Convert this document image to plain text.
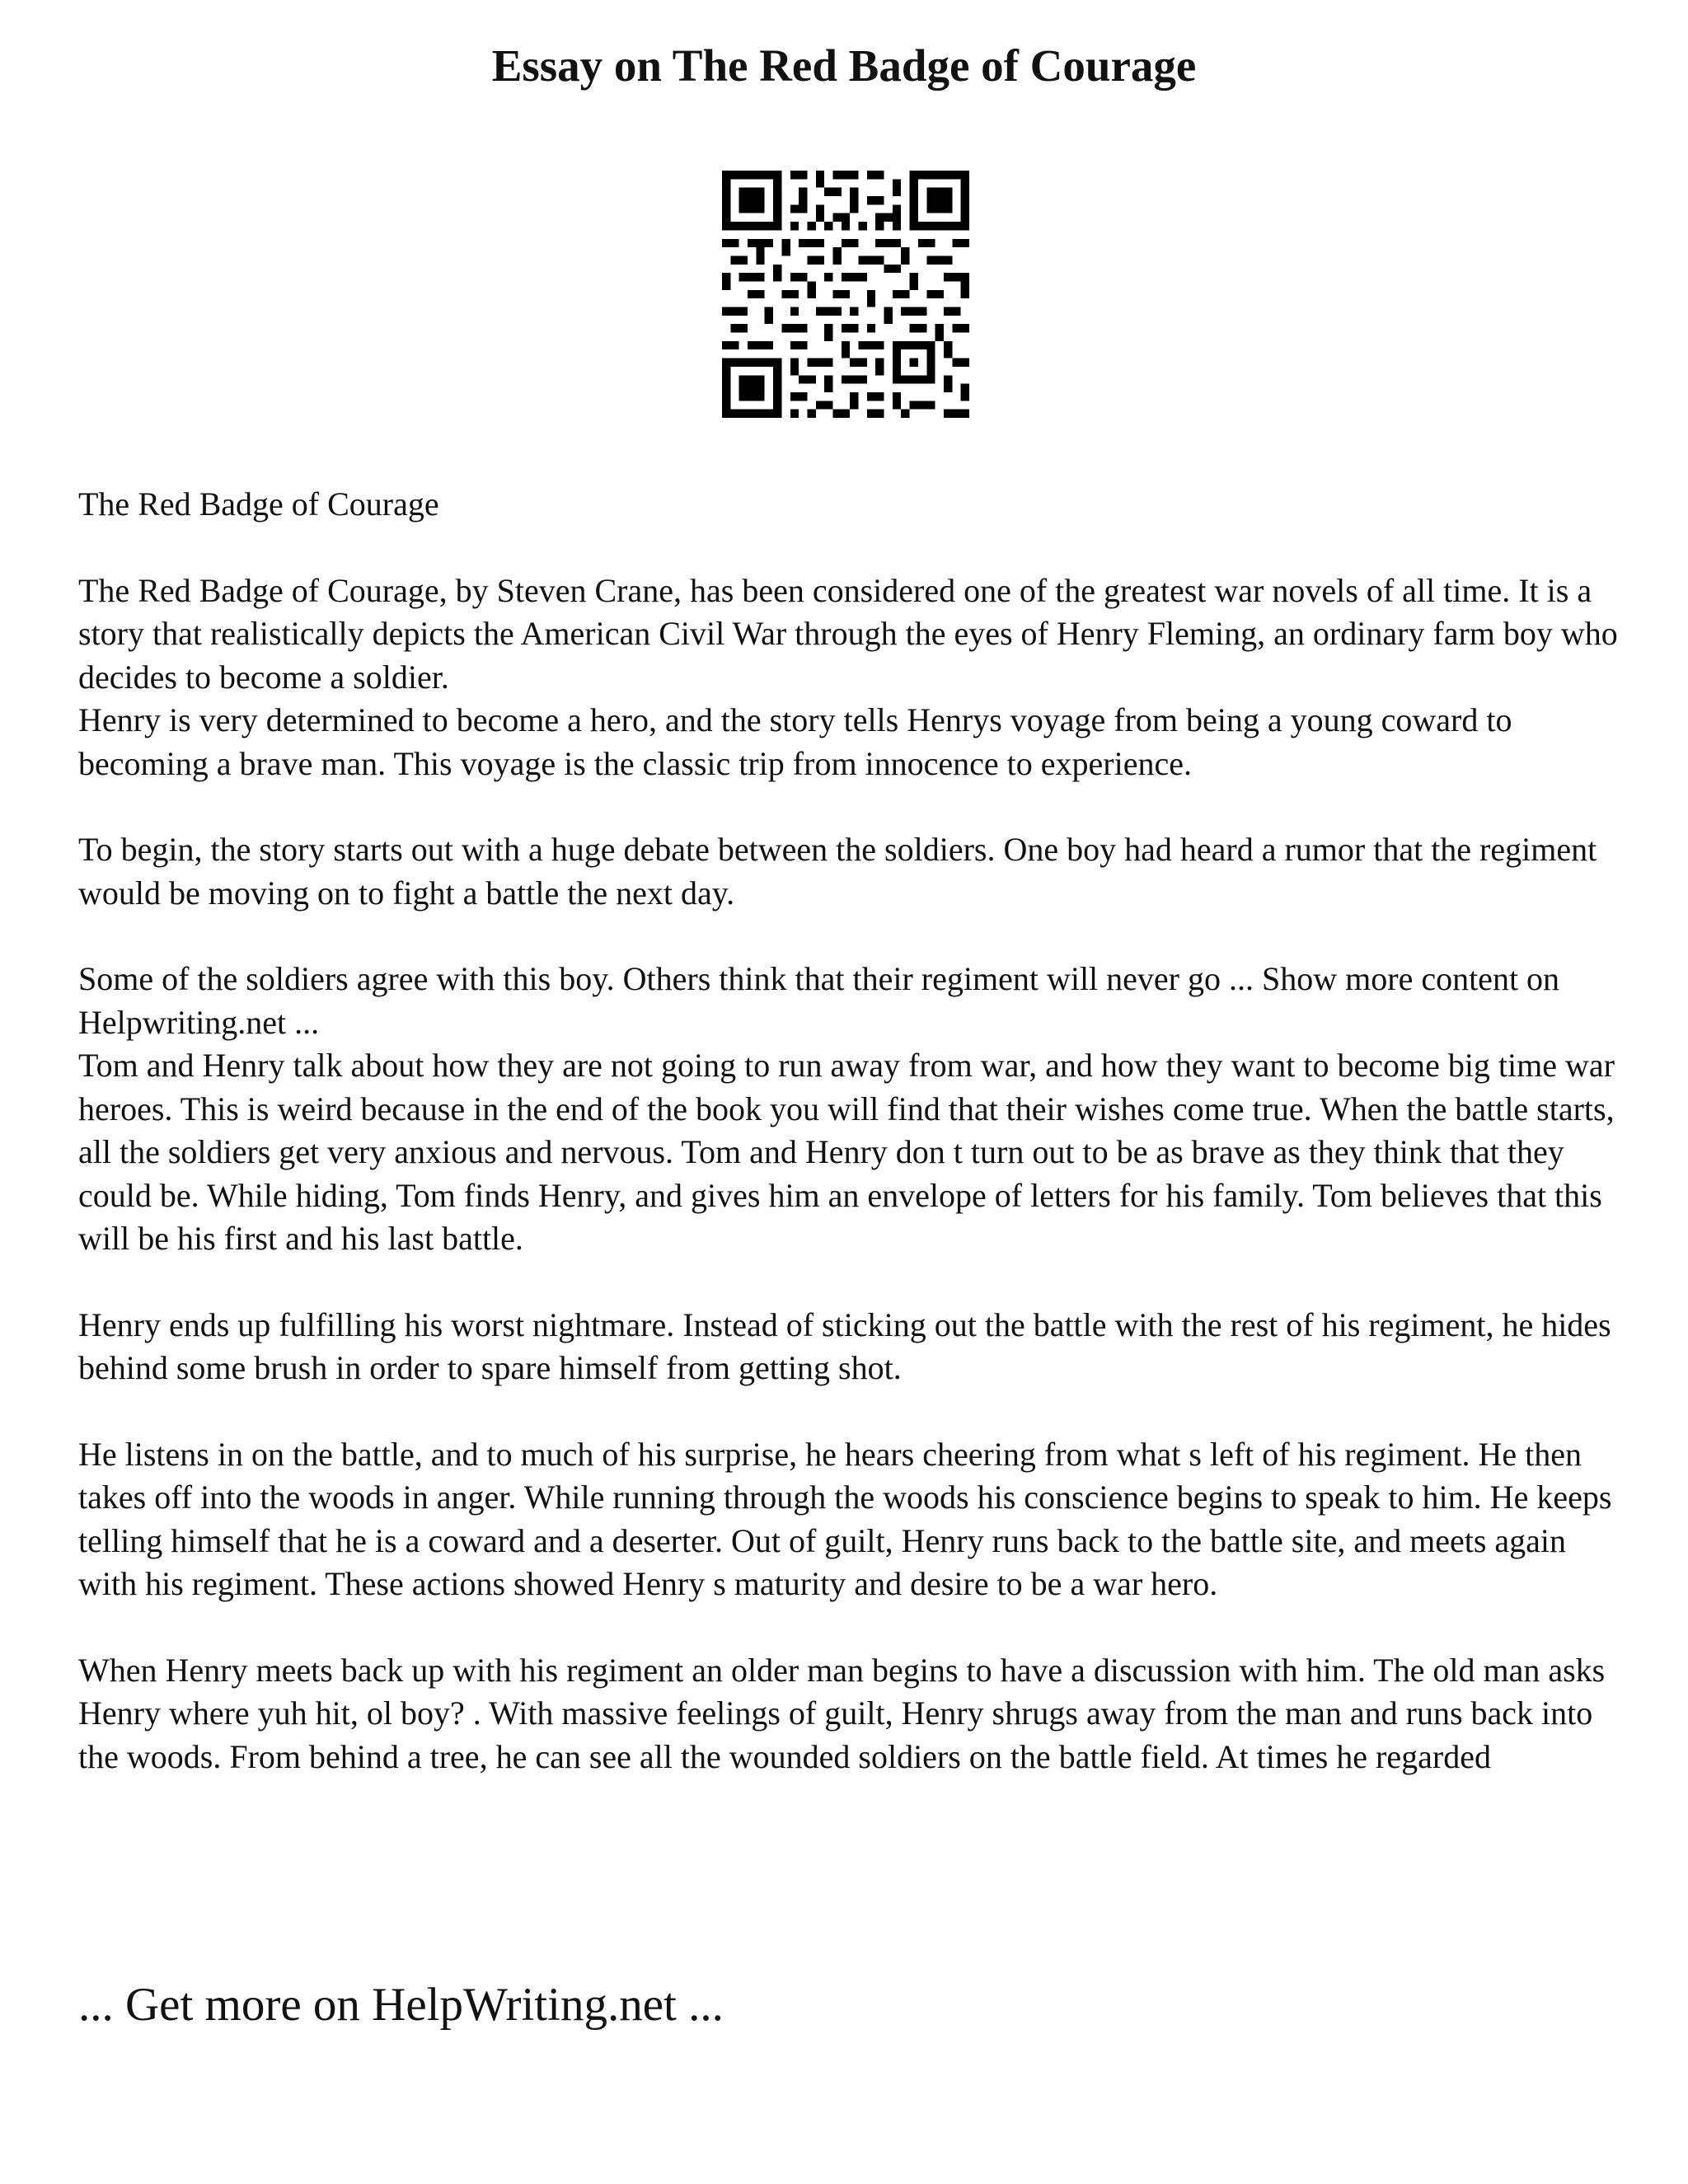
Essay on The Red Badge of Courage

The Red Badge of Courage

The Red Badge of Courage, by Steven Crane, has been considered one of the greatest war novels of all time. It is a story that realistically depicts the American Civil War through the eyes of Henry Fleming, an ordinary farm boy who decides to become a soldier.

Henry is very determined to become a hero, and the story tells Henrys voyage from being a young coward to becoming a brave man. This voyage is the classic trip from innocence to experience.

To begin, the story starts out with a huge debate between the soldiers. One boy had heard a rumor that the regiment would be moving on to fight a battle the next day.

Some of the soldiers agree with this boy. Others think that their regiment will never go ... Show more content on Helpwriting.net ...

Tom and Henry talk about how they are not going to run away from war, and how they want to become big time war heroes. This is weird because in the end of the book you will find that their wishes come true. When the battle starts, all the soldiers get very anxious and nervous. Tom and Henry don t turn out to be as brave as they think that they could be. While hiding, Tom finds Henry, and gives him an envelope of letters for his family. Tom believes that this will be his first and his last battle.

Henry ends up fulfilling his worst nightmare. Instead of sticking out the battle with the rest of his regiment, he hides behind some brush in order to spare himself from getting shot.

He listens in on the battle, and to much of his surprise, he hears cheering from what s left of his regiment. He then takes off into the woods in anger. While running through the woods his conscience begins to speak to him. He keeps telling himself that he is a coward and a deserter. Out of guilt, Henry runs back to the battle site, and meets again with his regiment. These actions showed Henry s maturity and desire to be a war hero.

When Henry meets back up with his regiment an older man begins to have a discussion with him. The old man asks Henry where yuh hit, ol boy? . With massive feelings of guilt, Henry shrugs away from the man and runs back into the woods. From behind a tree, he can see all the wounded soldiers on the battle field. At times he regarded

... Get more on HelpWriting.net ...
